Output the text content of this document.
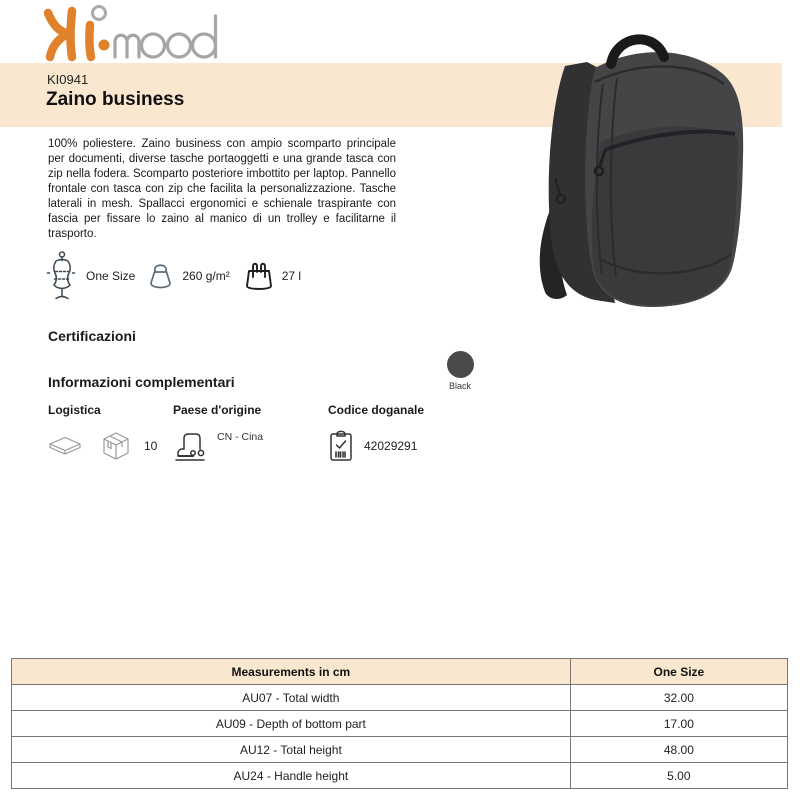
KI0941
Zaino business

100% poliestere. Zaino business con ampio scomparto principale per documenti, diverse tasche portaoggetti e una grande tasca con zip nella fodera. Scomparto posteriore imbottito per laptop. Pannello frontale con tasca con zip che facilita la personalizzazione. Tasche laterali in mesh. Spallacci ergonomici e schienale traspirante con fascia per fissare lo zaino al manico di un trolley e facilitarne il trasporto.

One Size	260 g/m²	27 l
Certificazioni
Informazioni complementari	Black
Logistica
10
Paese d'origine
CN - Cina
Codice doganale
42029291
Measurements in cm	One Size
AU07 - Total width	32.00
AU09 - Depth of bottom part	17.00
AU12 - Total height	48.00
AU24 - Handle height	5.00
